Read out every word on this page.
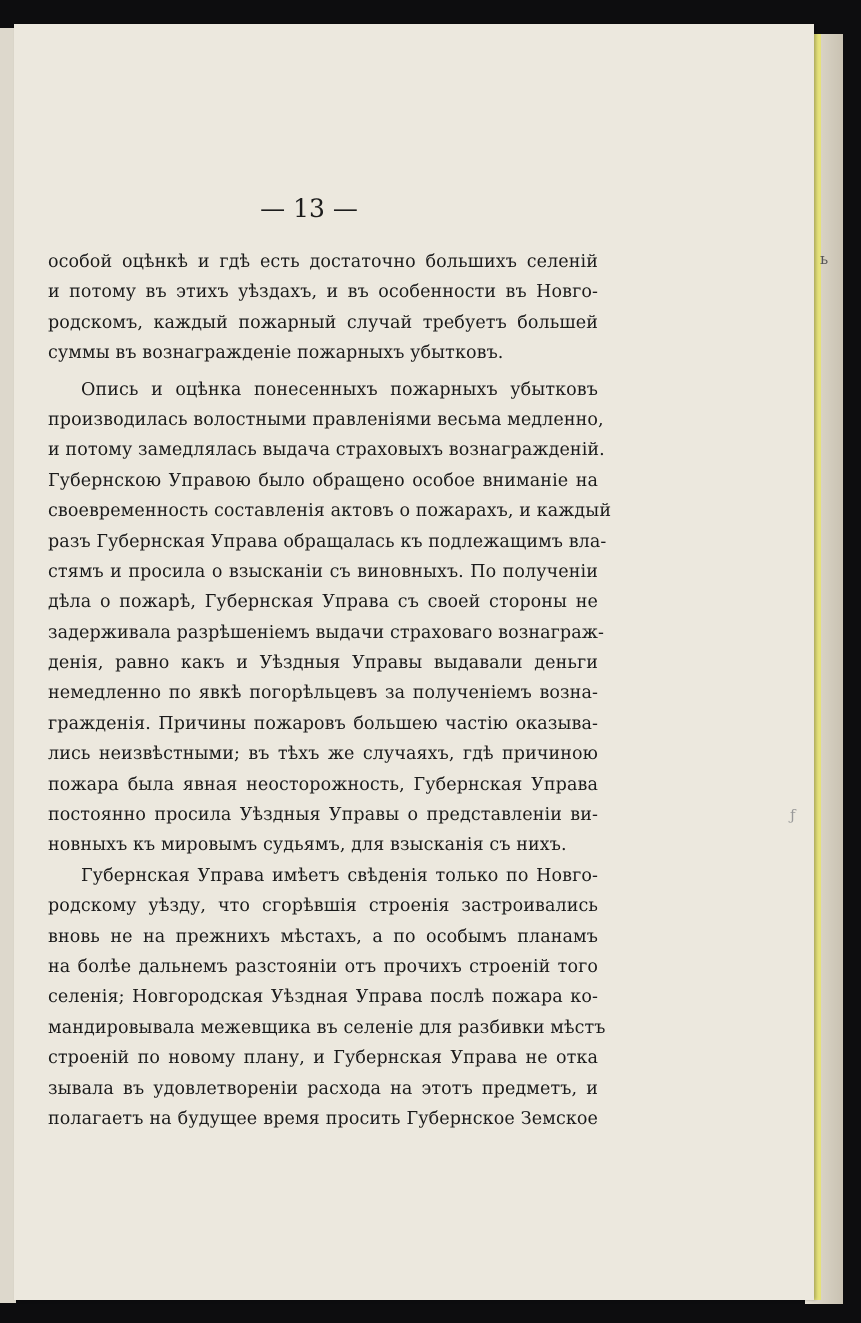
— 13 —
особой оцѣнкѣ и гдѣ есть достаточно большихъ селеній
и потому въ этихъ уѣздахъ, и въ особенности въ Новго-
родскомъ, каждый пожарный случай требуетъ большей
суммы въ вознагражденіе пожарныхъ убытковъ.
Опись и оцѣнка понесенныхъ пожарныхъ убытковъ
производилась волостными правленіями весьма медленно,
и потому замедлялась выдача страховыхъ вознагражденій.
Губернскою Управою было обращено особое вниманіе на
своевременность составленія актовъ о пожарахъ, и каждый
разъ Губернская Управа обращалась къ подлежащимъ вла-
стямъ и просила о взысканіи съ виновныхъ. По полученіи
дѣла о пожарѣ, Губернская Управа съ своей стороны не
задерживала разрѣшеніемъ выдачи страховаго вознаграж-
денія, равно какъ и Уѣздныя Управы выдавали деньги
немедленно по явкѣ погорѣльцевъ за полученіемъ возна-
гражденія. Причины пожаровъ большею частію оказыва-
лись неизвѣстными; въ тѣхъ же случаяхъ, гдѣ причиною
пожара была явная неосторожность, Губернская Управа
постоянно просила Уѣздныя Управы о представленіи ви-
новныхъ къ мировымъ судьямъ, для взысканія съ нихъ.
Губернская Управа имѣетъ свѣденія только по Новго-
родскому уѣзду, что сгорѣвшія строенія застроивались
вновь не на прежнихъ мѣстахъ, а по особымъ планамъ
на болѣе дальнемъ разстояніи отъ прочихъ строеній того
селенія; Новгородская Уѣздная Управа послѣ пожара ко-
мандировывала межевщика въ селеніе для разбивки мѣстъ
строеній по новому плану, и Губернская Управа не отка
зывала въ удовлетвореніи расхода на этотъ предметъ, и
полагаетъ на будущее время просить Губернское Земское
ь
ƒ
